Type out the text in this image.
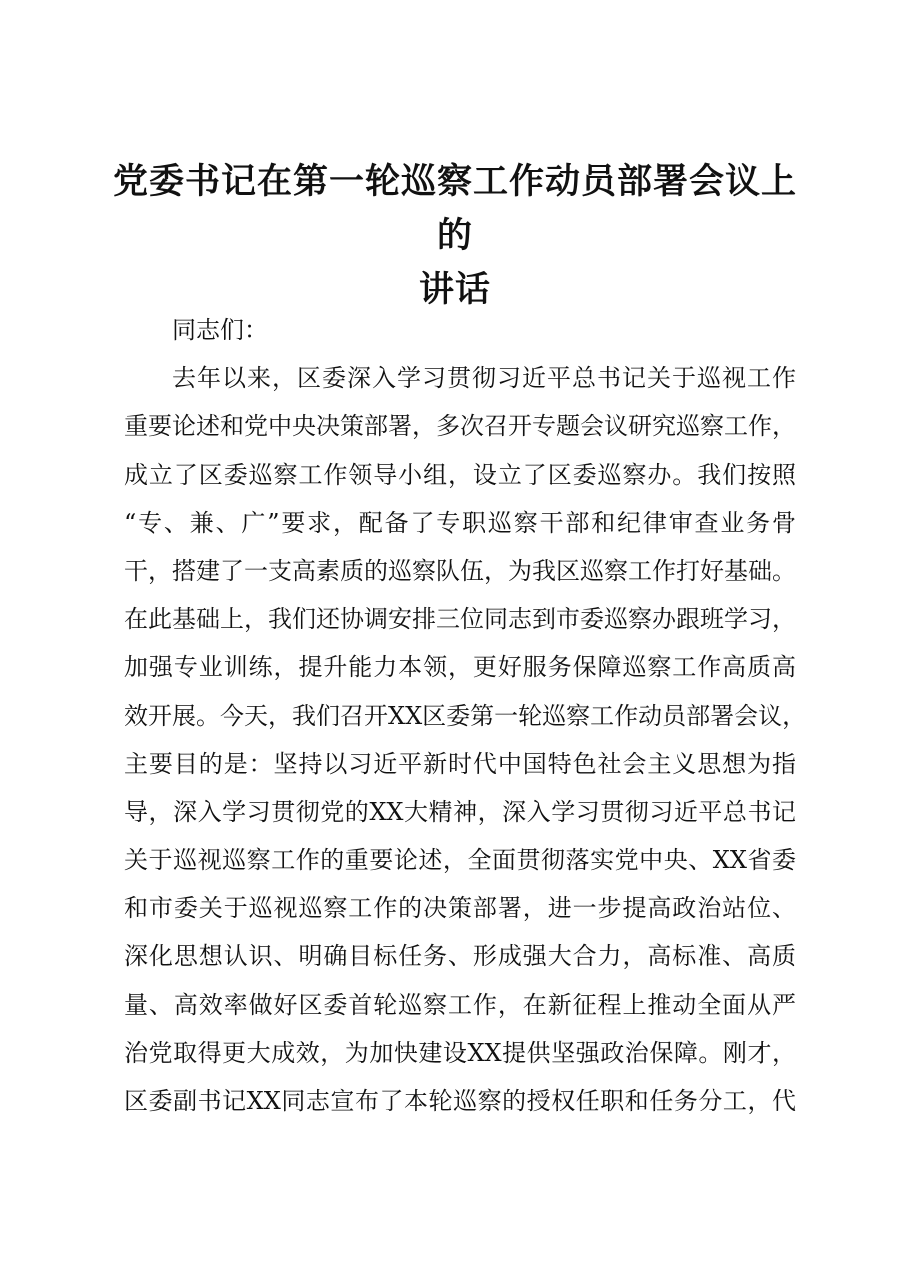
党委书记在第一轮巡察工作动员部署会议上的
讲话
同志们：
去年以来，区委深入学习贯彻习近平总书记关于巡视工作
重要论述和党中央决策部署，多次召开专题会议研究巡察工作，
成立了区委巡察工作领导小组，设立了区委巡察办。我们按照
“专、兼、广”要求，配备了专职巡察干部和纪律审查业务骨
干，搭建了一支高素质的巡察队伍，为我区巡察工作打好基础。
在此基础上，我们还协调安排三位同志到市委巡察办跟班学习，
加强专业训练，提升能力本领，更好服务保障巡察工作高质高
效开展。今天，我们召开XX区委第一轮巡察工作动员部署会议，
主要目的是：坚持以习近平新时代中国特色社会主义思想为指
导，深入学习贯彻党的XX大精神，深入学习贯彻习近平总书记
关于巡视巡察工作的重要论述，全面贯彻落实党中央、XX省委
和市委关于巡视巡察工作的决策部署，进一步提高政治站位、
深化思想认识、明确目标任务、形成强大合力，高标准、高质
量、高效率做好区委首轮巡察工作，在新征程上推动全面从严
治党取得更大成效，为加快建设XX提供坚强政治保障。刚才，
区委副书记XX同志宣布了本轮巡察的授权任职和任务分工，代
